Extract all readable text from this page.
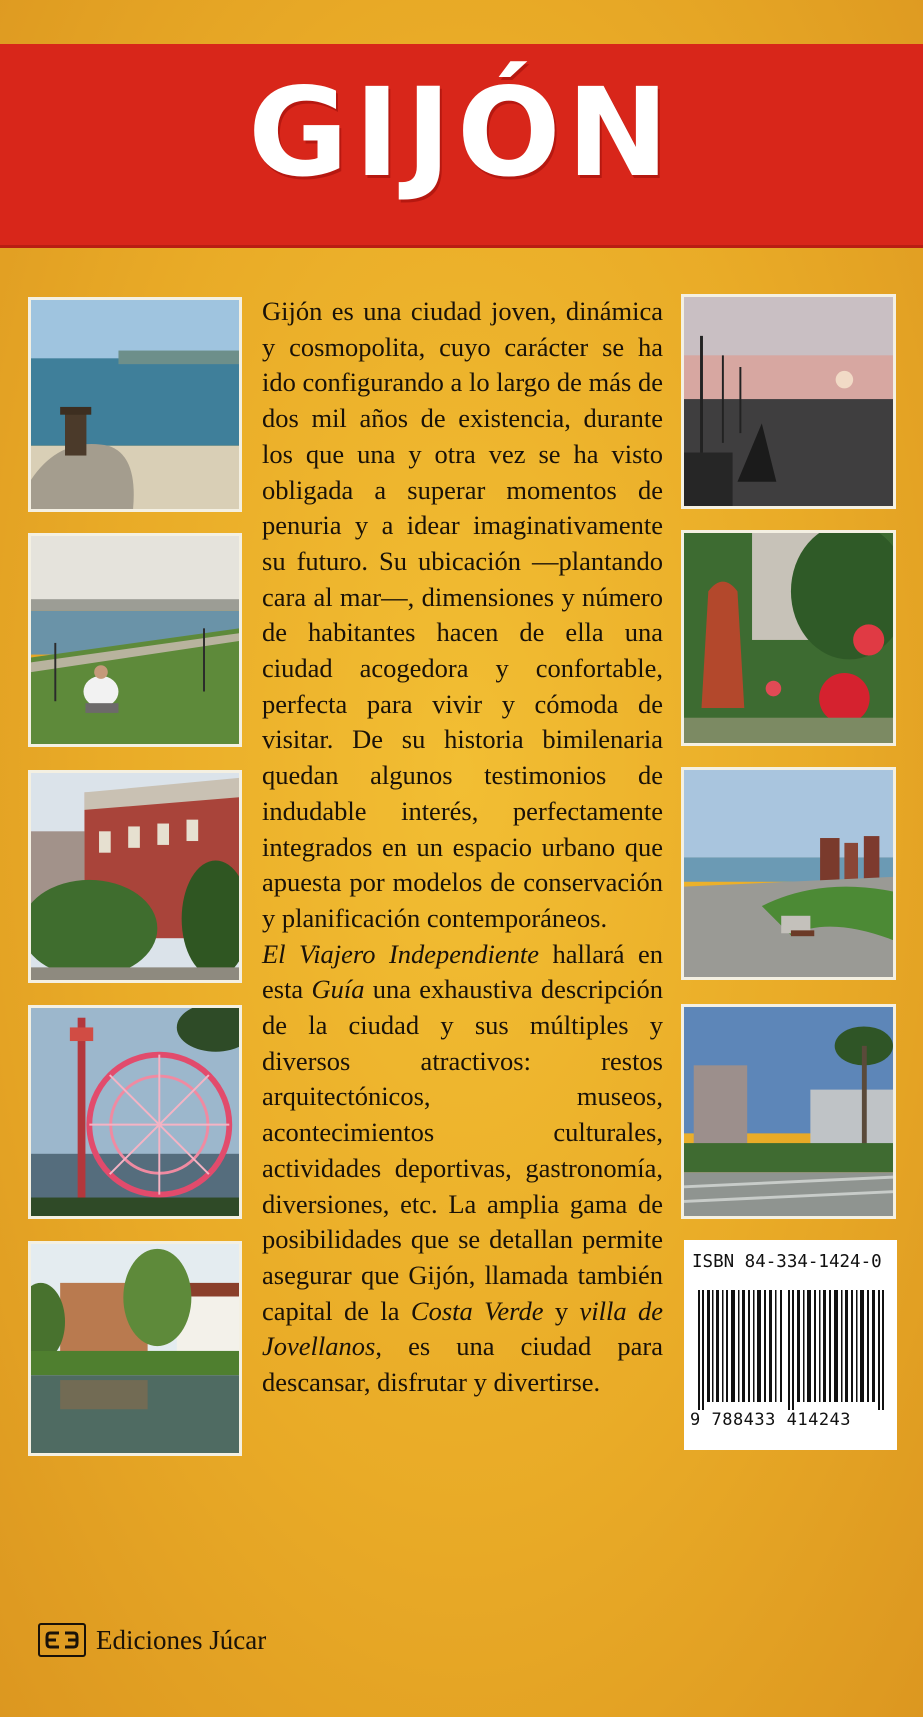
GIJÓN
Gijón es una ciudad joven, dinámica y cosmopolita, cuyo carácter se ha ido configurando a lo largo de más de dos mil años de existencia, durante los que una y otra vez se ha visto obligada a superar momentos de penuria y a idear imaginativamente su futuro. Su ubicación —plantando cara al mar—, dimensiones y número de habitantes hacen de ella una ciudad acogedora y confortable, perfecta para vivir y cómoda de visitar. De su historia bimilenaria quedan algunos testimonios de indudable interés, perfectamente integrados en un espacio urbano que apuesta por modelos de conservación y planificación contemporáneos.
El Viajero Independiente hallará en esta Guía una exhaustiva descripción de la ciudad y sus múltiples y diversos atractivos: restos arquitectónicos, museos, acontecimientos culturales, actividades deportivas, gastronomía, diversiones, etc. La amplia gama de posibilidades que se detallan permite asegurar que Gijón, llamada también capital de la Costa Verde y villa de Jovellanos, es una ciudad para descansar, disfrutar y divertirse.
ISBN 84-334-1424-0
9 788433 414243
Ediciones Júcar
